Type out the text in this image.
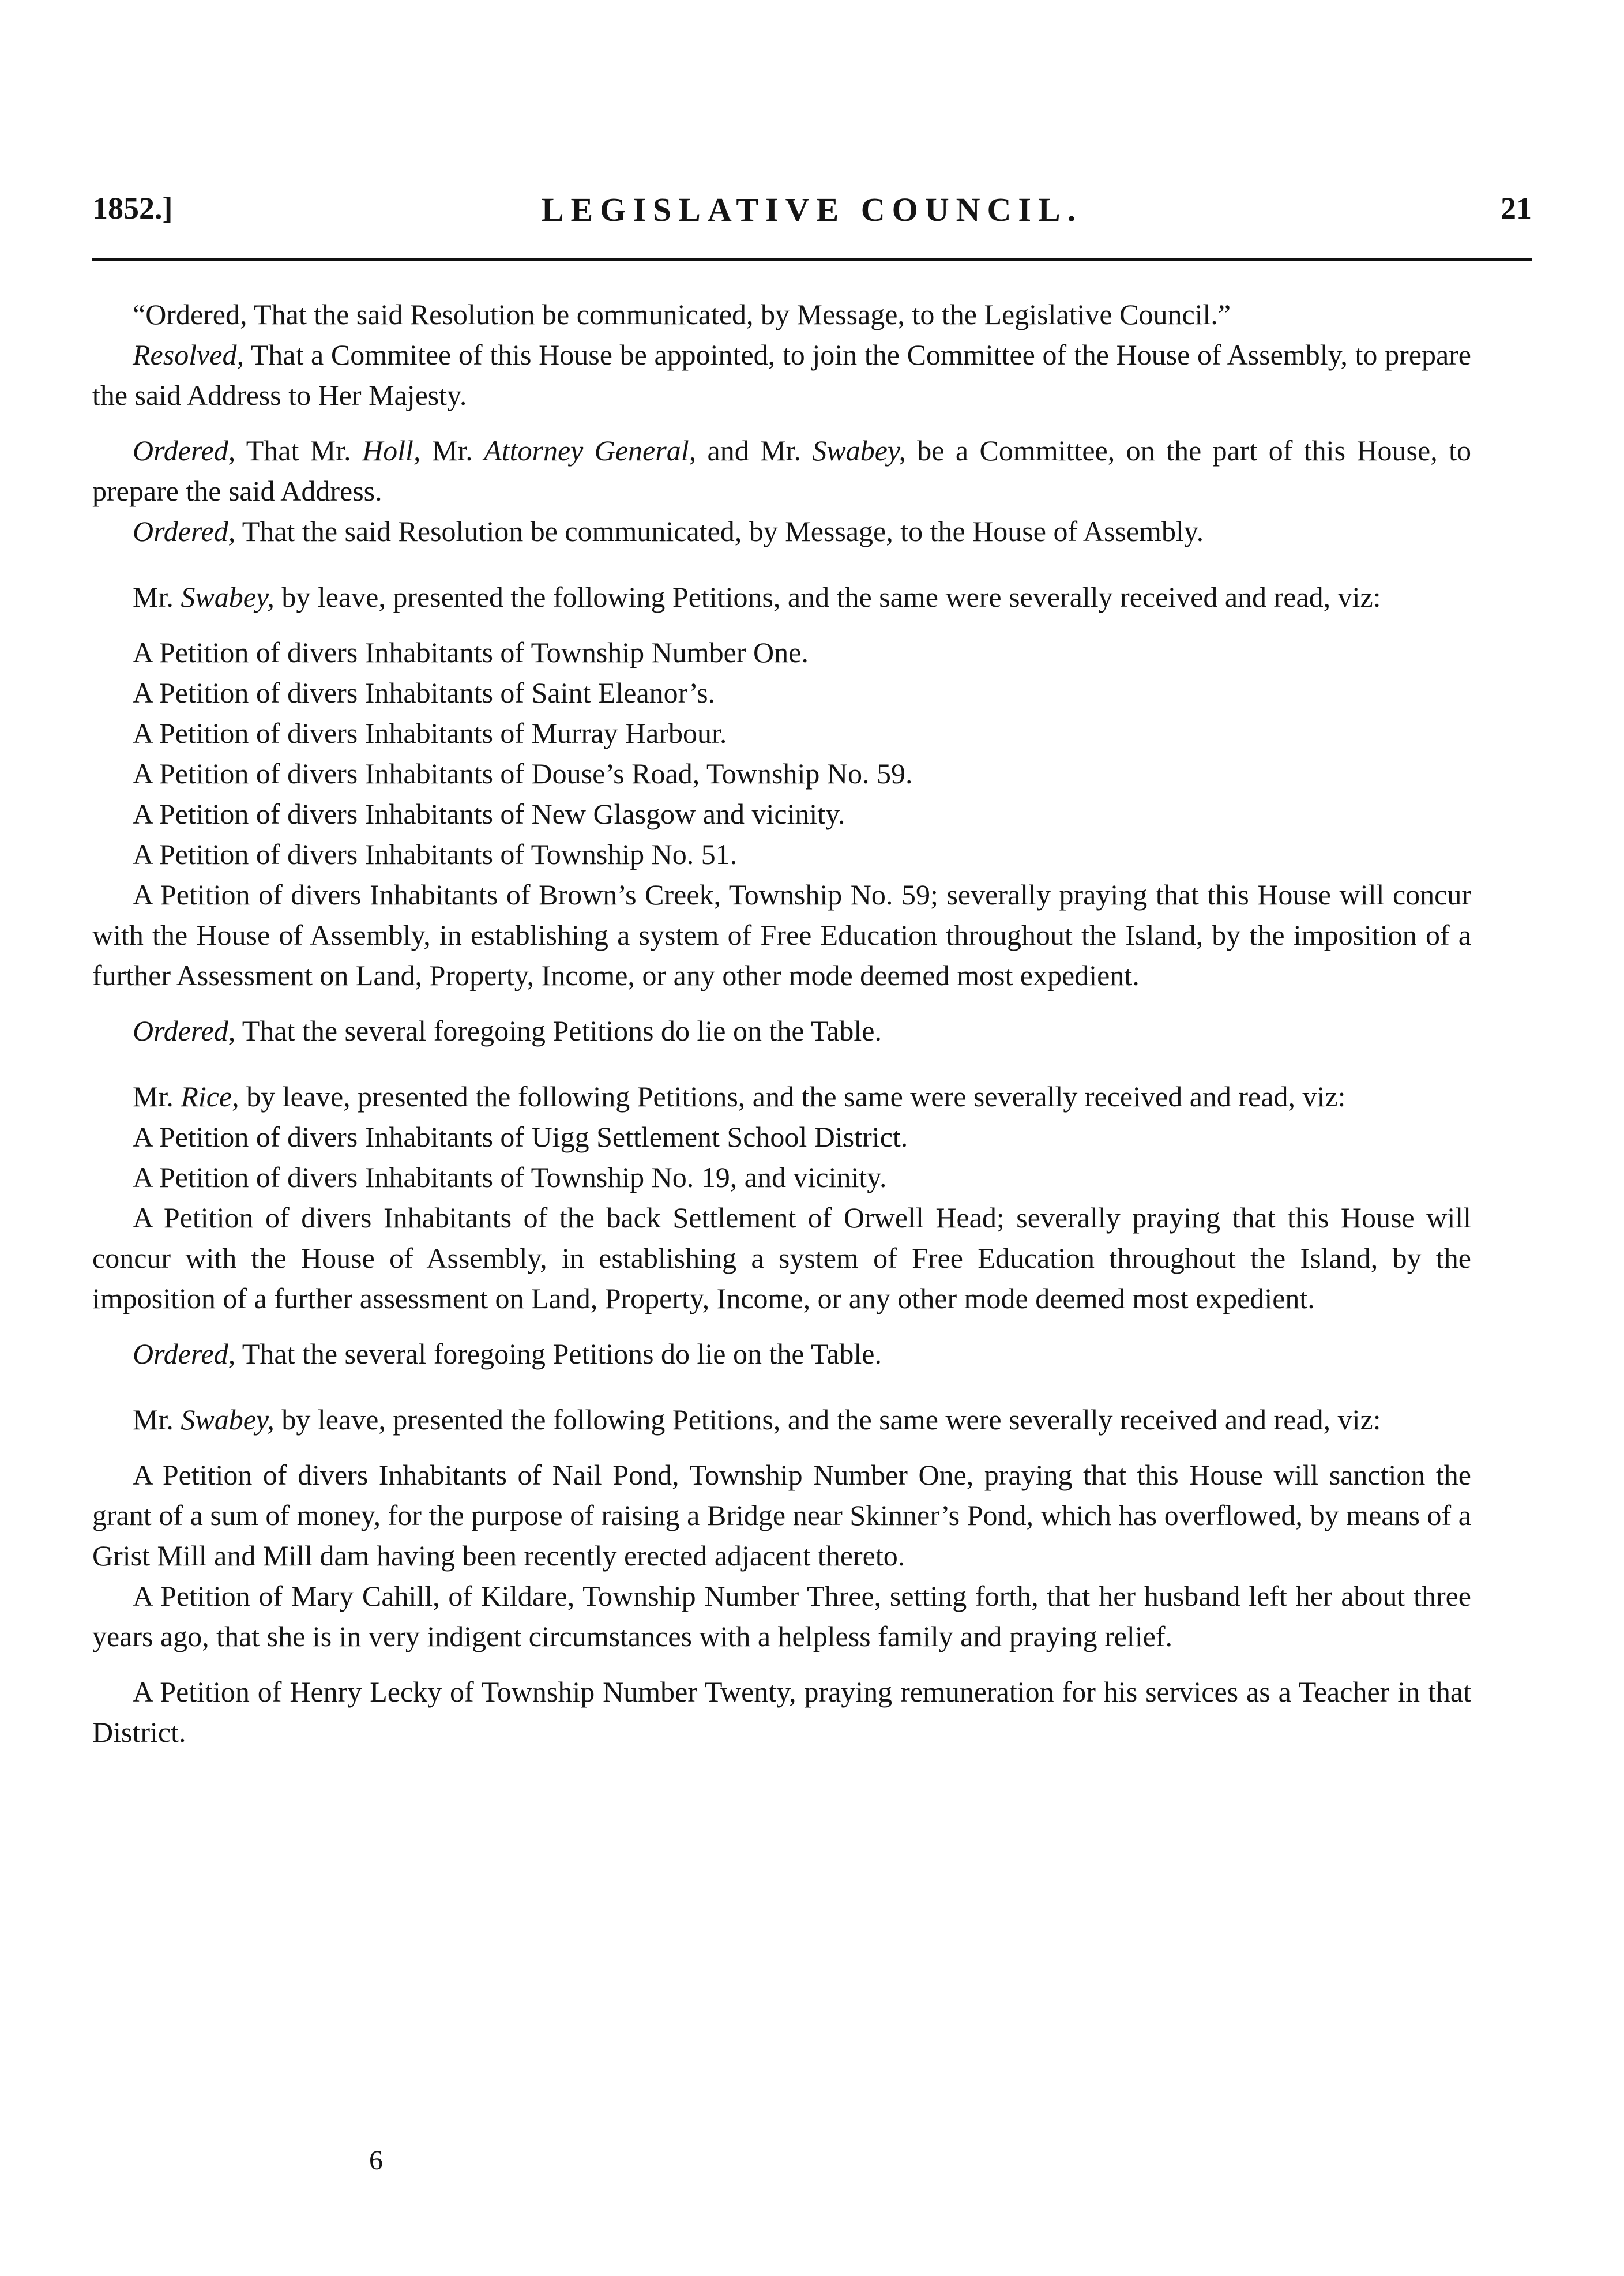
1852.]	LEGISLATIVE COUNCIL.	21

“Ordered, That the said Resolution be communicated, by Message, to the Legislative Council.”

Resolved, That a Commitee of this House be appointed, to join the Committee of the House of Assembly, to prepare the said Address to Her Majesty.

Ordered, That Mr. Holl, Mr. Attorney General, and Mr. Swabey, be a Committee, on the part of this House, to prepare the said Address.

Ordered, That the said Resolution be communicated, by Message, to the House of Assembly.

Mr. Swabey, by leave, presented the following Petitions, and the same were severally received and read, viz:

A Petition of divers Inhabitants of Township Number One.

A Petition of divers Inhabitants of Saint Eleanor’s.

A Petition of divers Inhabitants of Murray Harbour.

A Petition of divers Inhabitants of Douse’s Road, Township No. 59.

A Petition of divers Inhabitants of New Glasgow and vicinity.

A Petition of divers Inhabitants of Township No. 51.

A Petition of divers Inhabitants of Brown’s Creek, Township No. 59; severally praying that this House will concur with the House of Assembly, in establishing a system of Free Education throughout the Island, by the imposition of a further Assessment on Land, Property, Income, or any other mode deemed most expedient.

Ordered, That the several foregoing Petitions do lie on the Table.

Mr. Rice, by leave, presented the following Petitions, and the same were severally received and read, viz:

A Petition of divers Inhabitants of Uigg Settlement School District.

A Petition of divers Inhabitants of Township No. 19, and vicinity.

A Petition of divers Inhabitants of the back Settlement of Orwell Head; severally praying that this House will concur with the House of Assembly, in establishing a system of Free Education throughout the Island, by the imposition of a further assessment on Land, Property, Income, or any other mode deemed most expedient.

Ordered, That the several foregoing Petitions do lie on the Table.

Mr. Swabey, by leave, presented the following Petitions, and the same were severally received and read, viz:

A Petition of divers Inhabitants of Nail Pond, Township Number One, praying that this House will sanction the grant of a sum of money, for the purpose of raising a Bridge near Skinner’s Pond, which has overflowed, by means of a Grist Mill and Mill dam having been recently erected adjacent thereto.

A Petition of Mary Cahill, of Kildare, Township Number Three, setting forth, that her husband left her about three years ago, that she is in very indigent circumstances with a helpless family and praying relief.

A Petition of Henry Lecky of Township Number Twenty, praying remuneration for his services as a Teacher in that District.

6
